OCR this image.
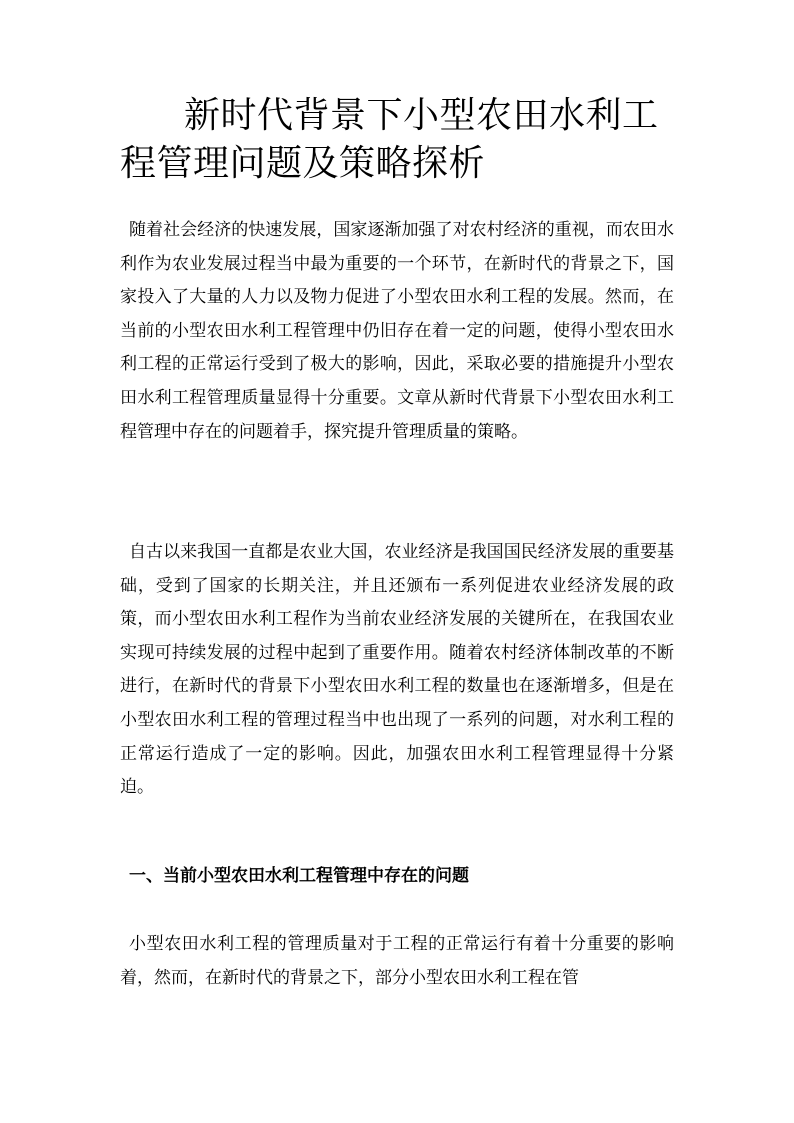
新时代背景下小型农田水利工程管理问题及策略探析

随着社会经济的快速发展，国家逐渐加强了对农村经济的重视，而农田水利作为农业发展过程当中最为重要的一个环节，在新时代的背景之下，国家投入了大量的人力以及物力促进了小型农田水利工程的发展。然而，在当前的小型农田水利工程管理中仍旧存在着一定的问题，使得小型农田水利工程的正常运行受到了极大的影响，因此，采取必要的措施提升小型农田水利工程管理质量显得十分重要。文章从新时代背景下小型农田水利工程管理中存在的问题着手，探究提升管理质量的策略。

自古以来我国一直都是农业大国，农业经济是我国国民经济发展的重要基础，受到了国家的长期关注，并且还颁布一系列促进农业经济发展的政策，而小型农田水利工程作为当前农业经济发展的关键所在，在我国农业实现可持续发展的过程中起到了重要作用。随着农村经济体制改革的不断进行，在新时代的背景下小型农田水利工程的数量也在逐渐增多，但是在小型农田水利工程的管理过程当中也出现了一系列的问题，对水利工程的正常运行造成了一定的影响。因此，加强农田水利工程管理显得十分紧迫。

一、当前小型农田水利工程管理中存在的问题

小型农田水利工程的管理质量对于工程的正常运行有着十分重要的影响着，然而，在新时代的背景之下，部分小型农田水利工程在管
